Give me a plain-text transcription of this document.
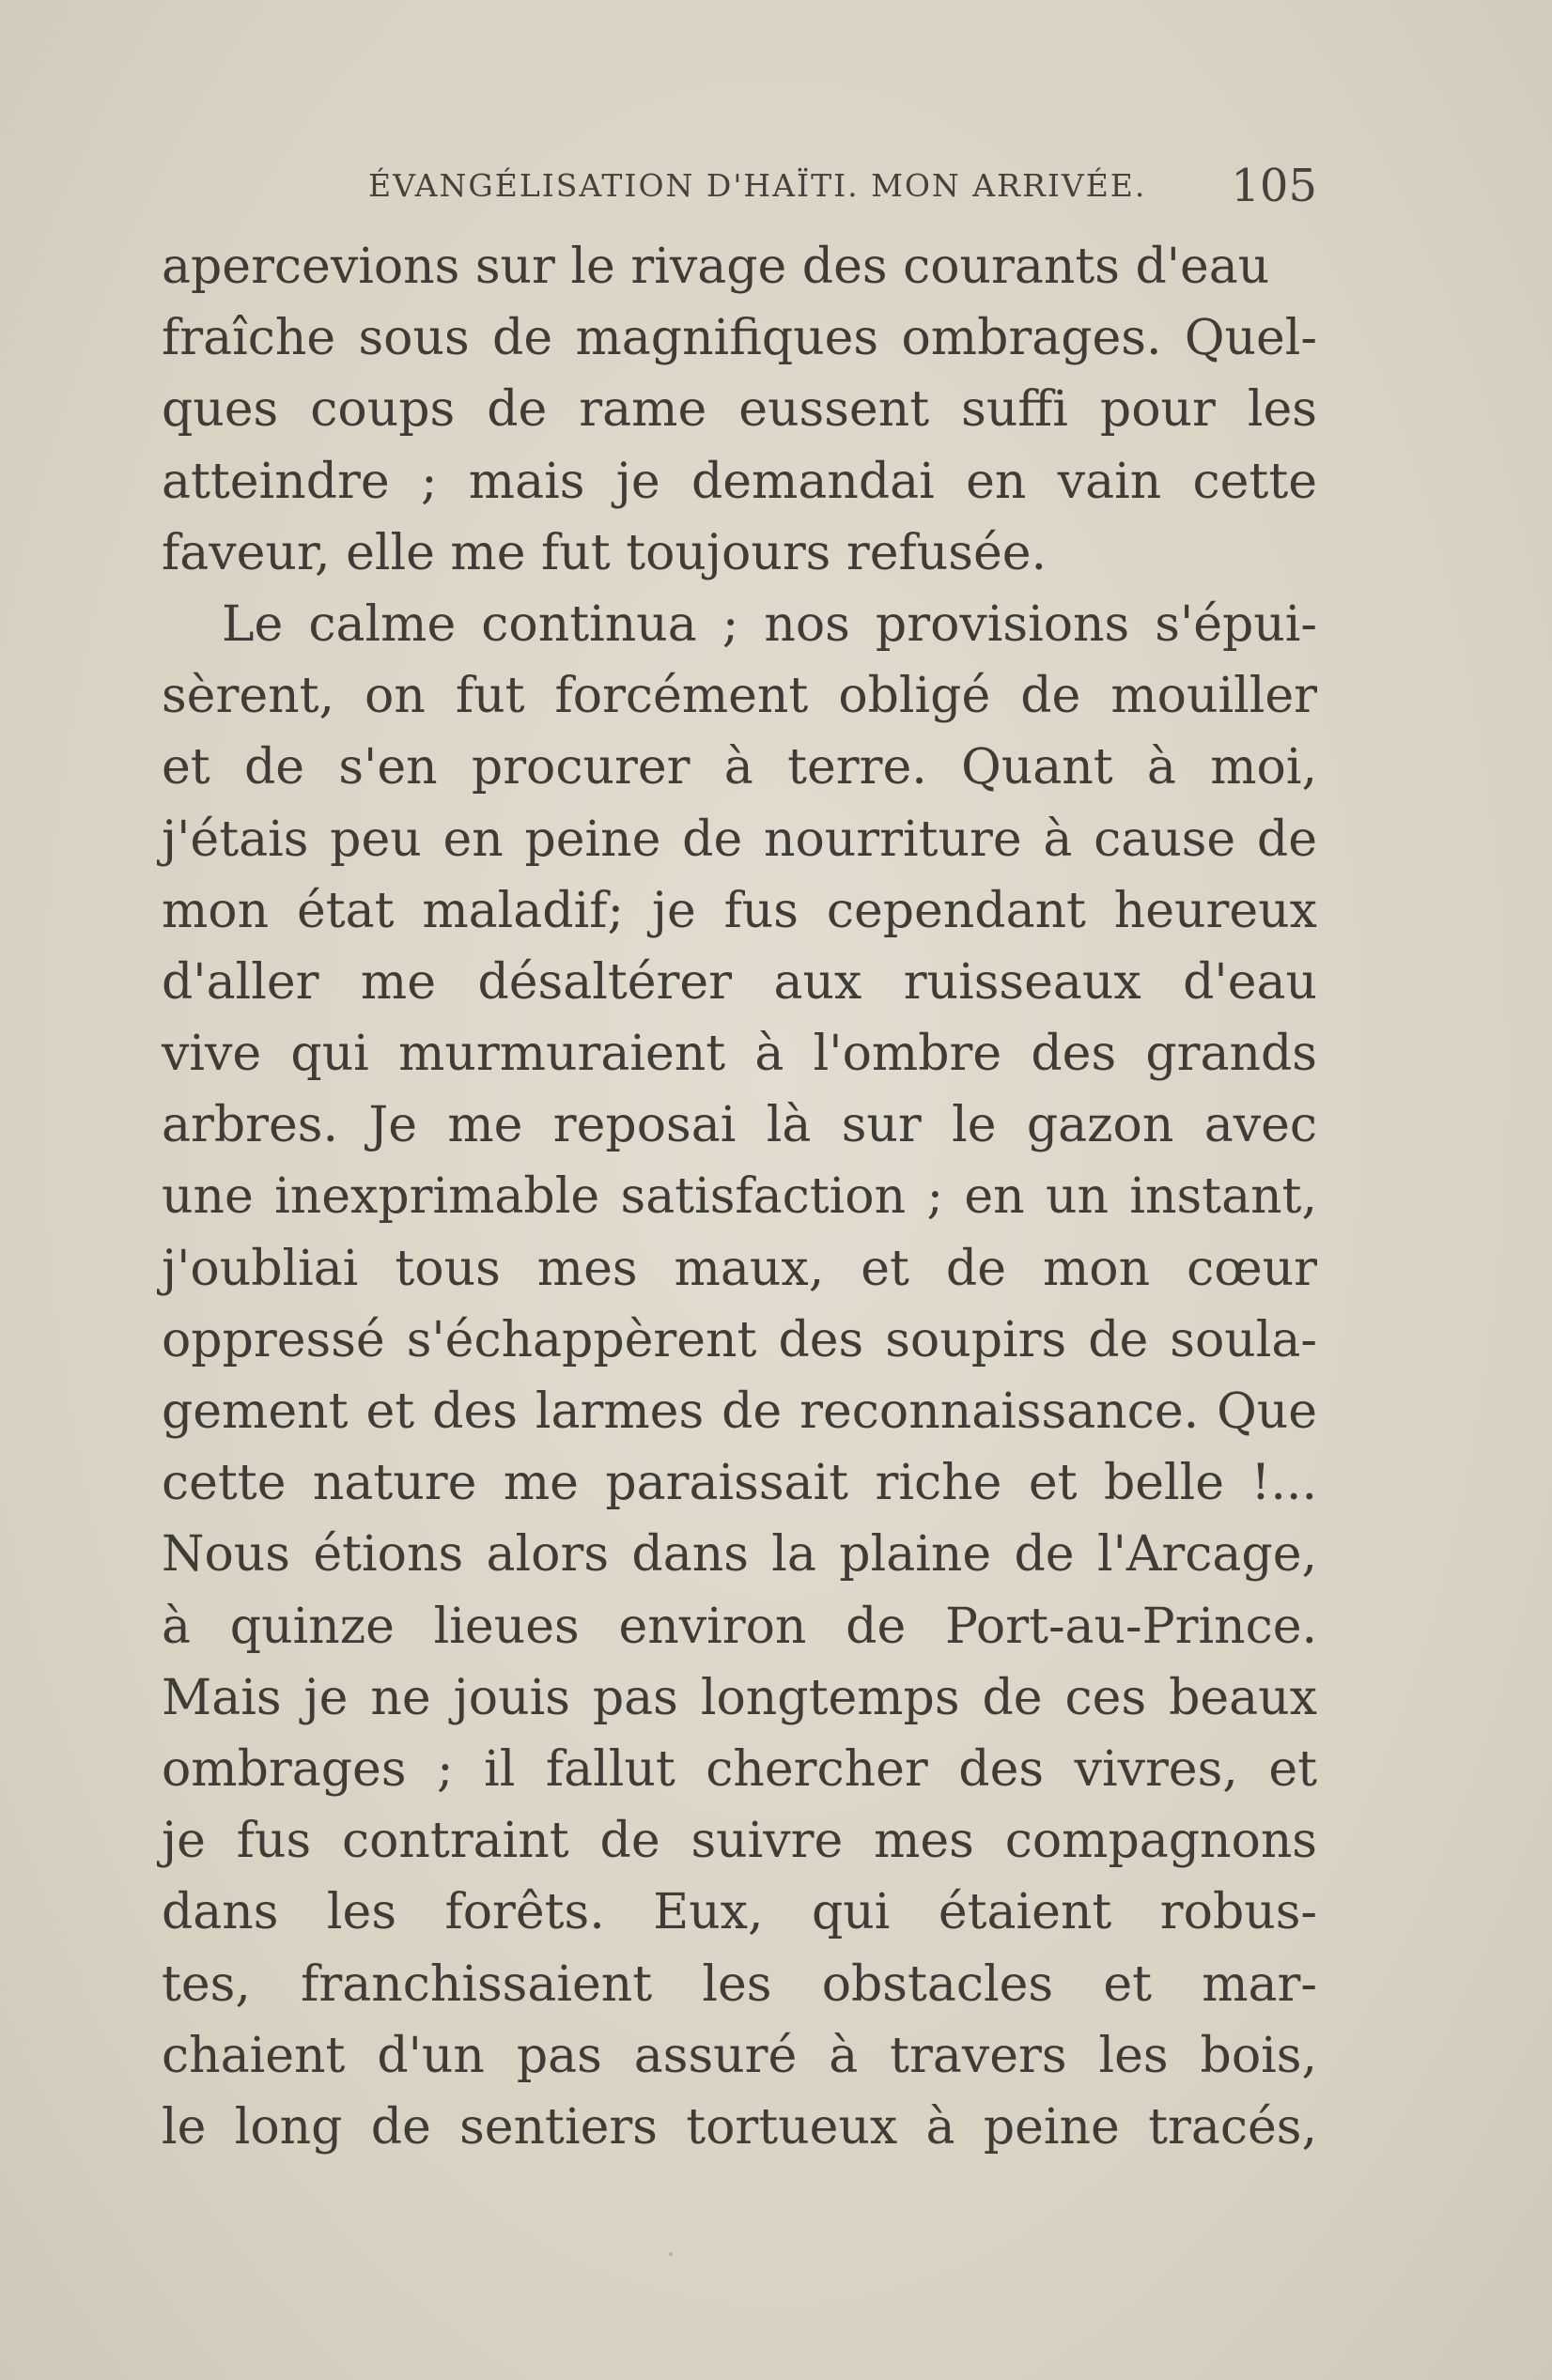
ÉVANGÉLISATION D'HAÏTI. MON ARRIVÉE. 105
apercevions sur le rivage des courants d'eau
fraîche sous de magnifiques ombrages. Quel-
ques coups de rame eussent suffi pour les
atteindre ; mais je demandai en vain cette
faveur, elle me fut toujours refusée.
Le calme continua ; nos provisions s'épui-
sèrent, on fut forcément obligé de mouiller
et de s'en procurer à terre. Quant à moi,
j'étais peu en peine de nourriture à cause de
mon état maladif; je fus cependant heureux
d'aller me désaltérer aux ruisseaux d'eau
vive qui murmuraient à l'ombre des grands
arbres. Je me reposai là sur le gazon avec
une inexprimable satisfaction ; en un instant,
j'oubliai tous mes maux, et de mon cœur
oppressé s'échappèrent des soupirs de soula-
gement et des larmes de reconnaissance. Que
cette nature me paraissait riche et belle !...
Nous étions alors dans la plaine de l'Arcage,
à quinze lieues environ de Port-au-Prince.
Mais je ne jouis pas longtemps de ces beaux
ombrages ; il fallut chercher des vivres, et
je fus contraint de suivre mes compagnons
dans les forêts. Eux, qui étaient robus-
tes, franchissaient les obstacles et mar-
chaient d'un pas assuré à travers les bois,
le long de sentiers tortueux à peine tracés,
